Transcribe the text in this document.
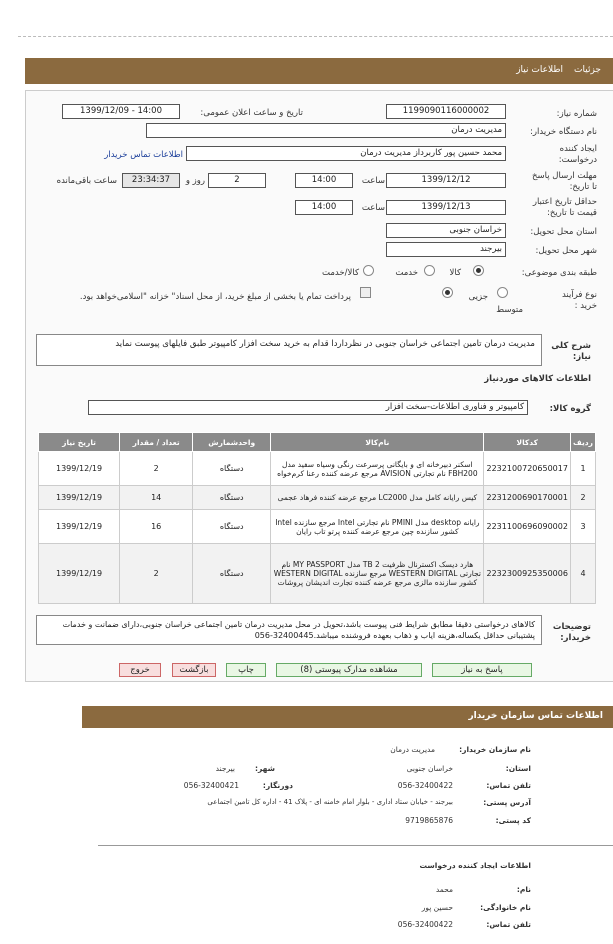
جزئیات
اطلاعات نیاز
شماره نیاز:
1199090116000002
تاریخ و ساعت اعلان عمومی:
1399/12/09 - 14:00
نام دستگاه خریدار:
مدیریت درمان
ایجاد کننده درخواست:
محمد حسین پور کاربرداز مدیریت درمان
اطلاعات تماس خریدار
مهلت ارسال پاسخ تا تاریخ:
1399/12/12
ساعت
14:00
2
روز و
23:34:37
ساعت باقی‌مانده
حداقل تاریخ اعتبار قیمت تا تاریخ:
1399/12/13
ساعت
14:00
استان محل تحویل:
خراسان جنوبی
شهر محل تحویل:
بیرجند
طبقه بندی موضوعی:
کالا
خدمت
کالا/خدمت
نوع فرآیند خرید :
جزیی
متوسط
پرداخت تمام یا بخشی از مبلغ خرید، از محل اسناد" خزانه "اسلامی‌خواهد بود.
شرح کلی نیاز:
مدیریت درمان تامین اجتماعی خراسان جنوبی در نظرداردا قدام به خرید سخت افزار کامپیوتر طبق فایلهای پیوست نماید
اطلاعات کالاهای موردنیاز
گروه کالا:
کامپیوتر و فناوری اطلاعات-سخت افزار
ردیف	کدکالا	نام‌کالا	واحدشمارش	تعداد / مقدار	تاریخ نیاز
1	2232100720650017	اسکنر دبیرخانه ای و بایگانی پرسرعت رنگی وسیاه سفید مدل FBH200 نام تجارتی AVISION مرجع عرضه کننده رعنا کرم‌خواه	دستگاه	2	1399/12/19
2	2231200690170001	کیس رایانه کامل مدل LC2000 مرجع عرضه کننده فرهاد عجمی	دستگاه	14	1399/12/19
3	2231100696090002	رایانه desktop مدل PMINI نام تجارتی Intel مرجع سازنده Intel کشور سازنده چین مرجع عرضه کننده پرتو تاب رایان	دستگاه	16	1399/12/19
4	2232300925350006	هارد دیسک اکسترنال ظرفیت 2 TB مدل MY PASSPORT نام تجارتی WESTERN DIGITAL مرجع سازنده WESTERN DIGITAL کشور سازنده مالزی مرجع عرضه کننده تجارت اندیشان پروشات	دستگاه	2	1399/12/19
توضیحات خریدار:
کالاهای درخواستی دقیقا مطابق شرایط فنی پیوست باشد،تحویل در محل مدیریت درمان تامین اجتماعی خراسان جنوبی،دارای ضمانت و خدمات پشتیبانی حداقل یکساله،هزینه ایاب و ذهاب بعهده فروشنده میباشد.32400445-056
پاسخ به نیاز
مشاهده مدارک پیوستی (8)
چاپ
بازگشت
خروج
اطلاعات تماس سازمان خریدار
نام سازمان خریدار:
مدیریت درمان
استان:
خراسان جنوبی
شهر:
بیرجند
تلفن تماس:
056-32400422
دورنگار:
056-32400421
آدرس پستی:
بیرجند - خیابان ستاد اداری - بلوار امام خامنه ای - پلاک 41 - اداره کل تامین اجتماعی
کد پستی:
9719865876
اطلاعات ایجاد کننده درخواست
نام:
محمد
نام خانوادگی:
حسین پور
تلفن تماس:
056-32400422
